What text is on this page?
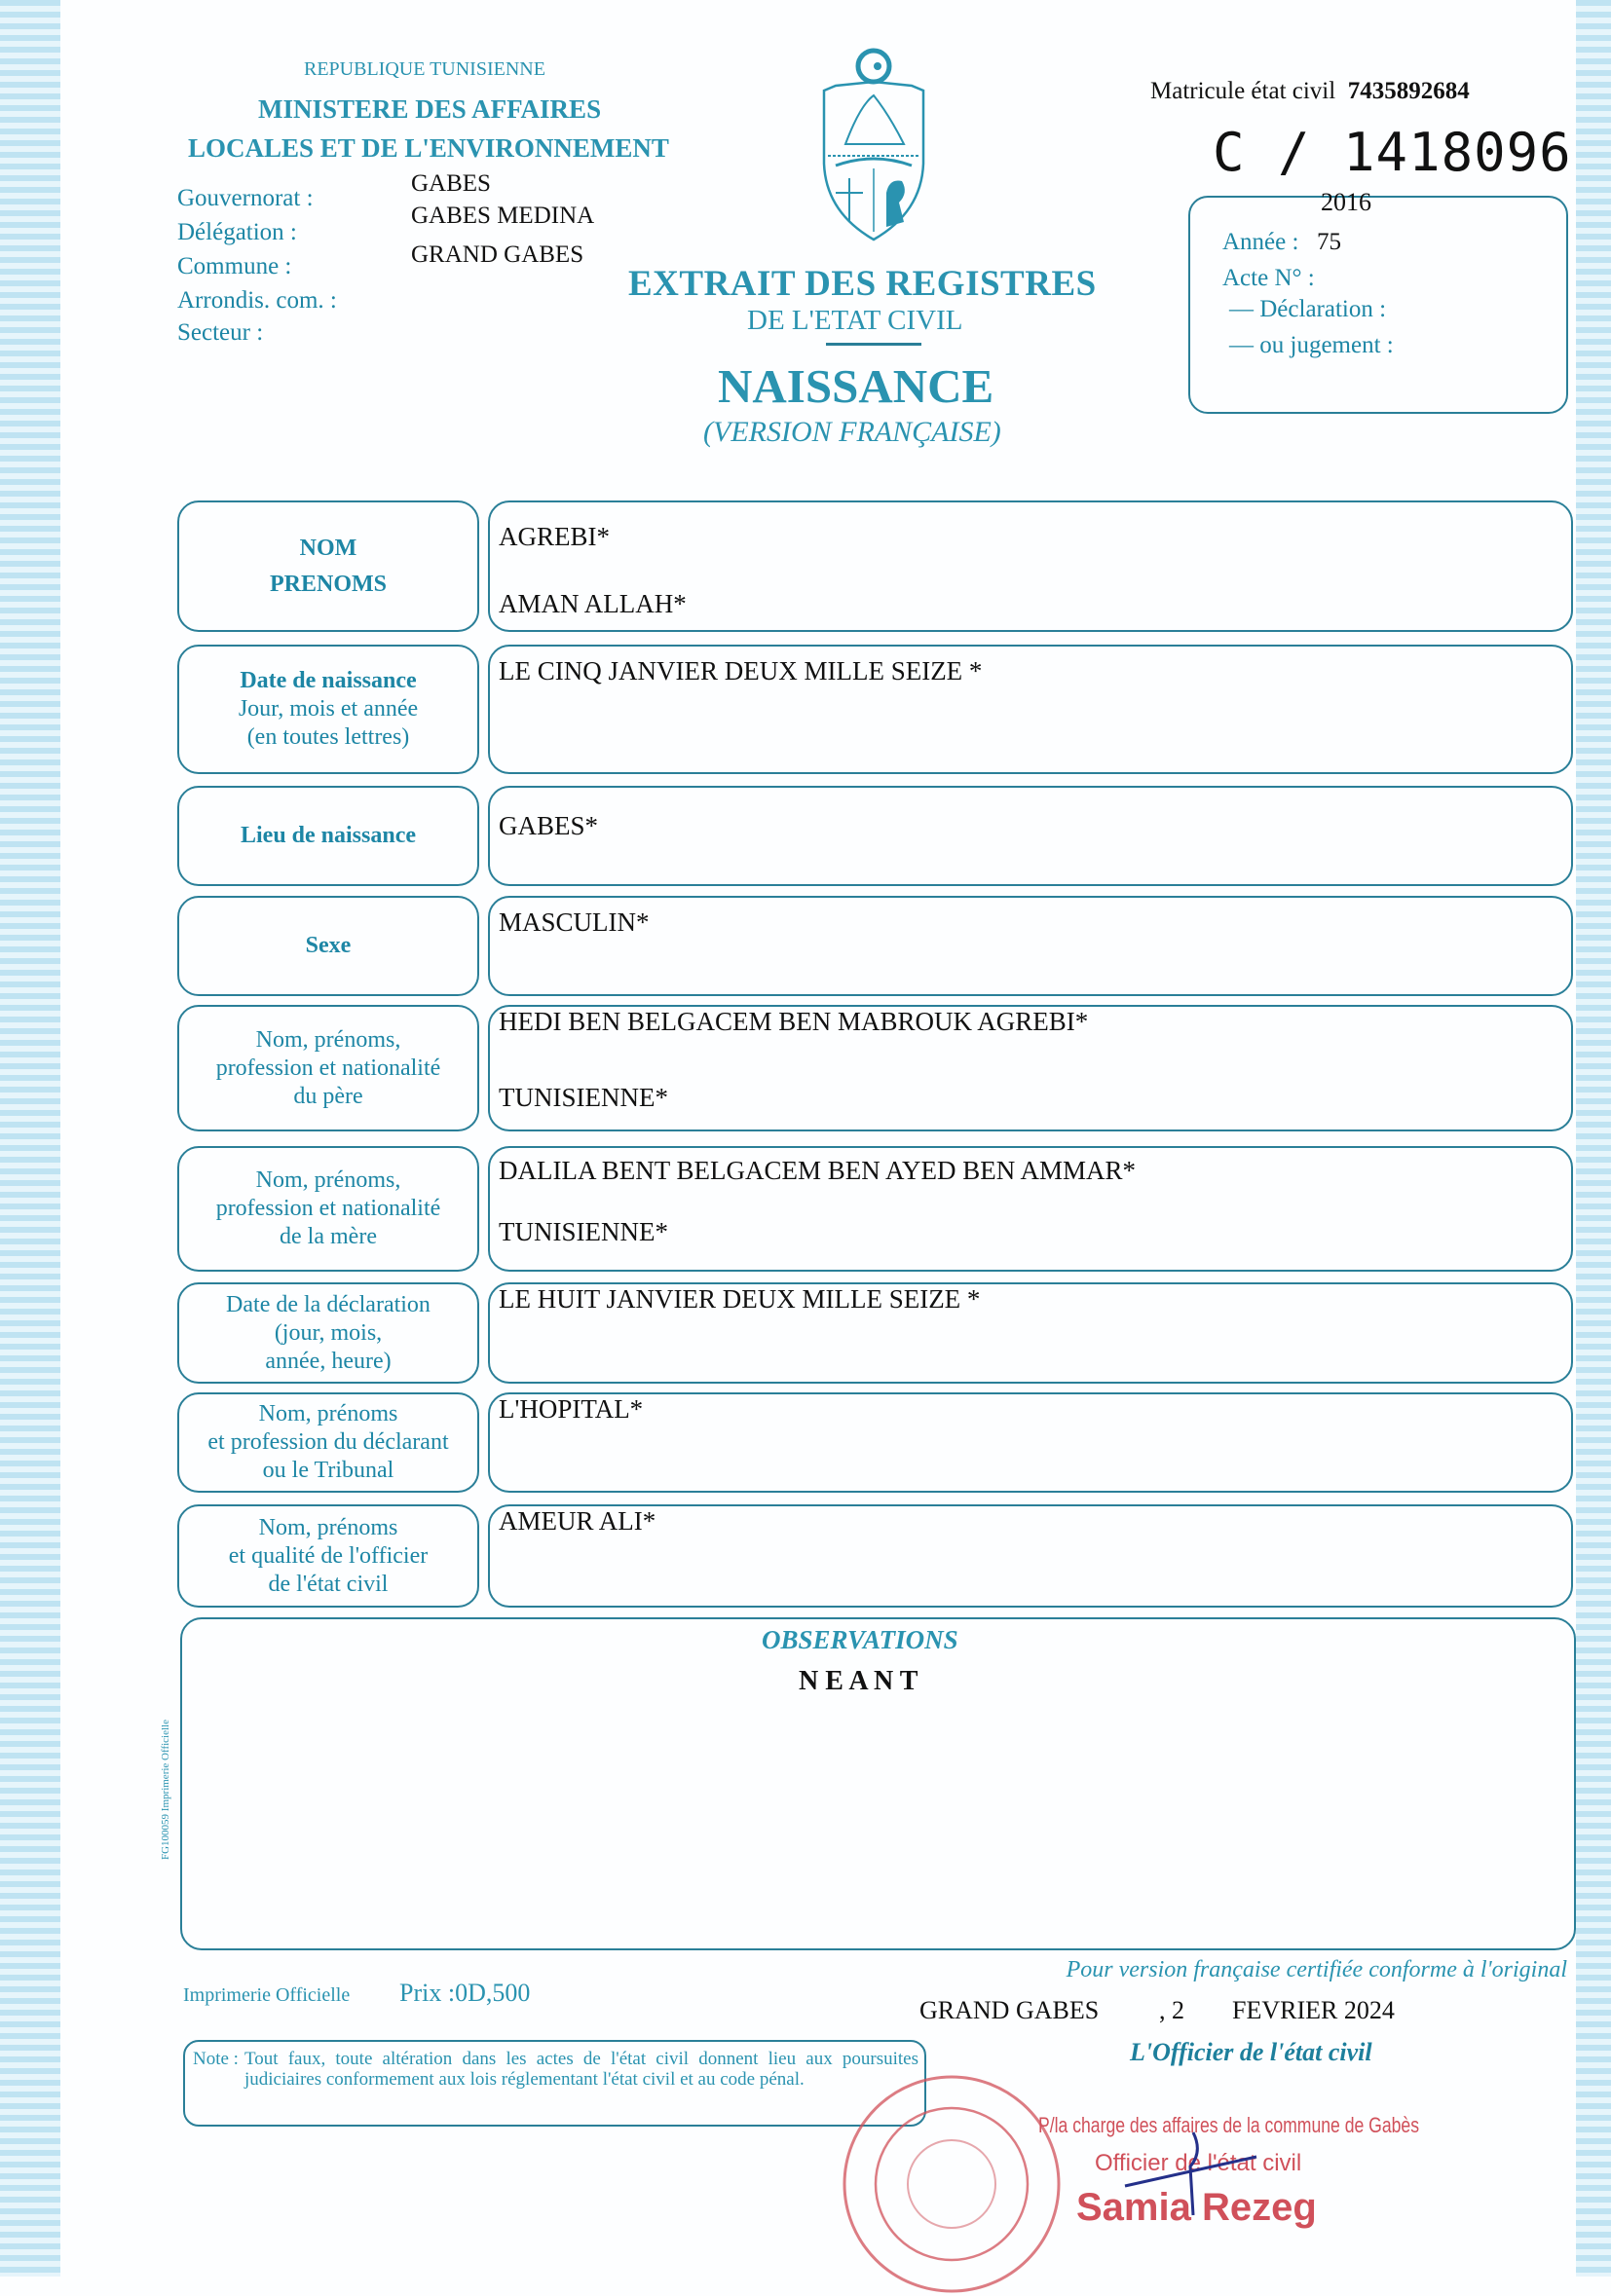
REPUBLIQUE TUNISIENNE
MINISTERE DES AFFAIRES
LOCALES ET DE L'ENVIRONNEMENT
Gouvernorat :
Délégation :
Commune :
Arrondis. com. :
Secteur :
GABES
GABES MEDINA
GRAND GABES
EXTRAIT DES REGISTRES
DE L'ETAT CIVIL
NAISSANCE
(VERSION FRANÇAISE)
Matricule état civil 7435892684
C / 1418096
2016
Année : 75
Acte N° :
— Déclaration :
— ou jugement :
NOM
PRENOMS
AGREBI*
AMAN ALLAH*
Date de naissance
Jour, mois et année
(en toutes lettres)
LE CINQ JANVIER DEUX MILLE SEIZE *
Lieu de naissance	GABES*
Sexe
MASCULIN*
Nom, prénoms,
profession et nationalité
du père
HEDI BEN BELGACEM BEN MABROUK AGREBI*
TUNISIENNE*
Nom, prénoms,
profession et nationalité
de la mère
DALILA BENT BELGACEM BEN AYED BEN AMMAR*
TUNISIENNE*
Date de la déclaration
(jour, mois,
année, heure)
LE HUIT JANVIER DEUX MILLE SEIZE *
Nom, prénoms
et profession du déclarant
ou le Tribunal
L'HOPITAL*
Nom, prénoms
et qualité de l'officier
de l'état civil
AMEUR ALI*
OBSERVATIONS
N E A N T
FG100059 Imprimerie Officielle
Imprimerie Officielle Prix :0D,500
Pour version française certifiée conforme à l'original
GRAND GABES , 2 FEVRIER 2024
L'Officier de l'état civil
Note : Tout faux, toute altération dans les actes de l'état civil donnent lieu aux poursuites judiciaires conformement aux lois réglementant l'état civil et au code pénal.
P/la charge des affaires de la commune de Gabès
Officier de l'état civil
Samia Rezeg
